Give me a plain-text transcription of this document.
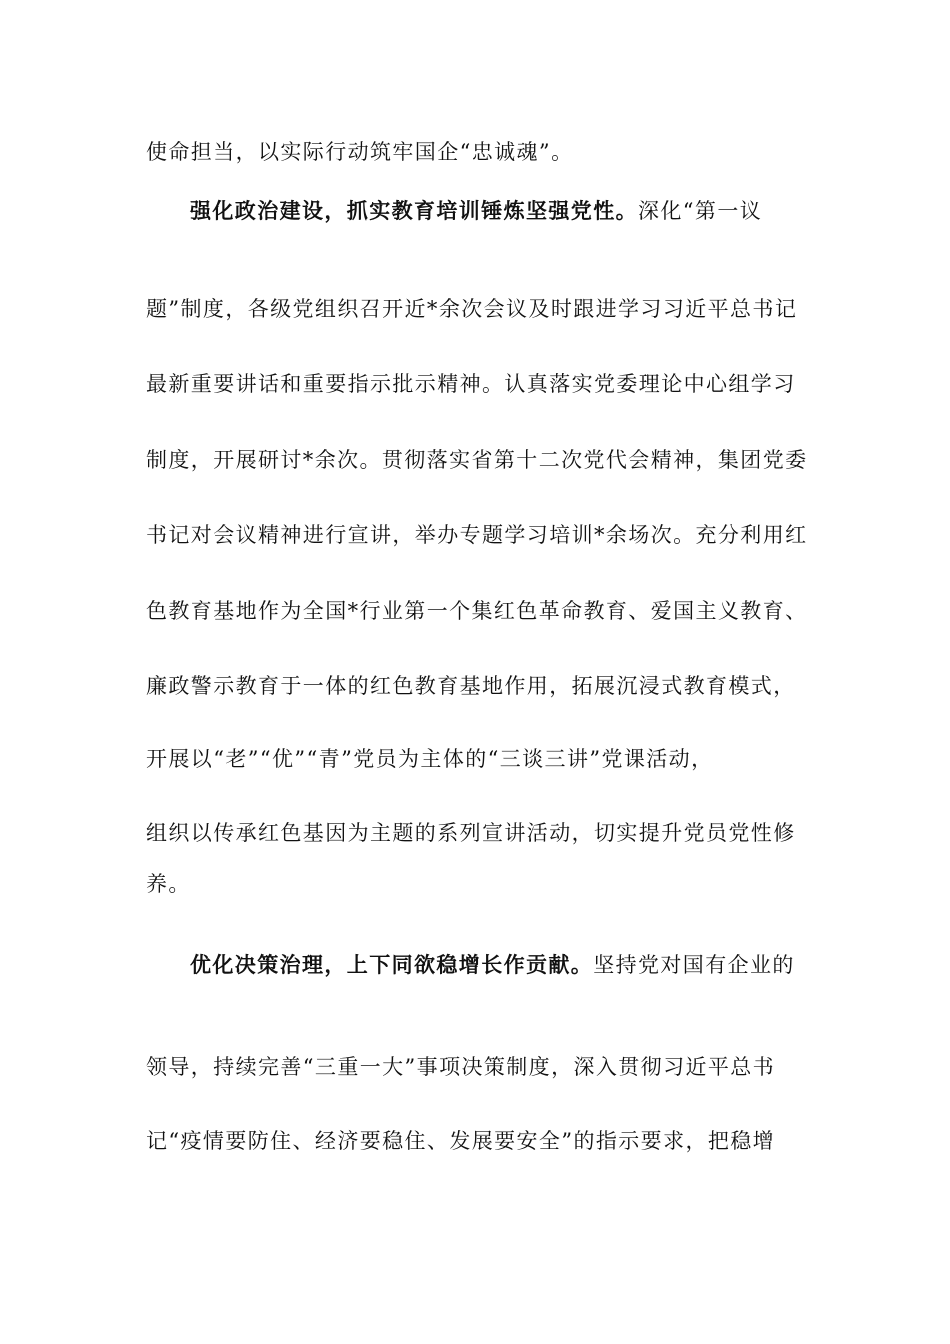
使命担当，以实际行动筑牢国企“忠诚魂”。
强化政治建设，抓实教育培训锤炼坚强党性。深化“第一议
题”制度，各级党组织召开近*余次会议及时跟进学习习近平总书记
最新重要讲话和重要指示批示精神。认真落实党委理论中心组学习
制度，开展研讨*余次。贯彻落实省第十二次党代会精神，集团党委
书记对会议精神进行宣讲，举办专题学习培训*余场次。充分利用红
色教育基地作为全国*行业第一个集红色革命教育、爱国主义教育、
廉政警示教育于一体的红色教育基地作用，拓展沉浸式教育模式，
开展以“老”“优”“青”党员为主体的“三谈三讲”党课活动，
组织以传承红色基因为主题的系列宣讲活动，切实提升党员党性修
养。
优化决策治理，上下同欲稳增长作贡献。坚持党对国有企业的
领导，持续完善“三重一大”事项决策制度，深入贯彻习近平总书
记“疫情要防住、经济要稳住、发展要安全”的指示要求，把稳增
